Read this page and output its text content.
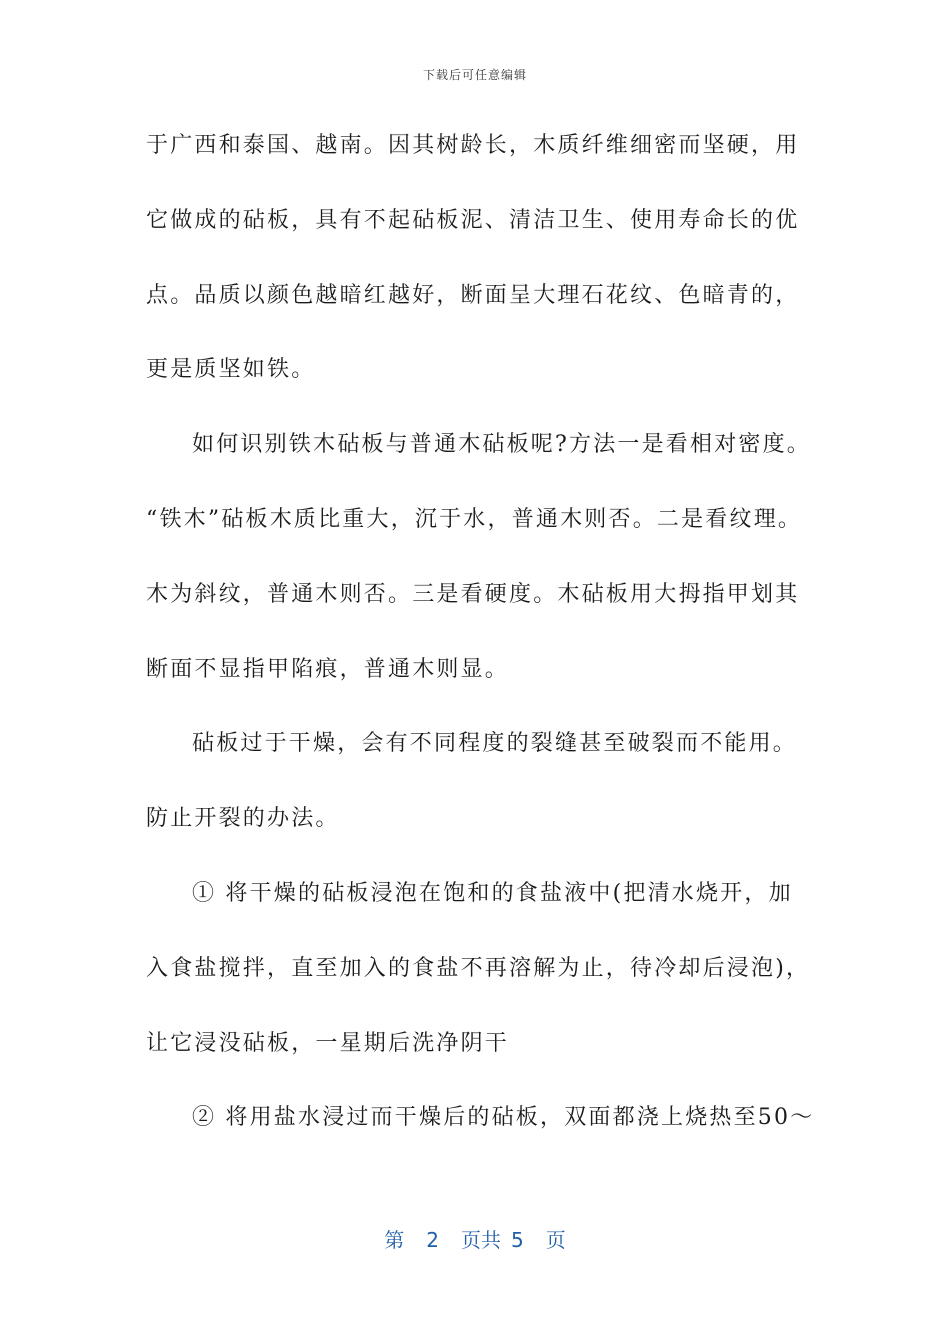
下载后可任意编辑
于广西和泰国、越南。因其树龄长，木质纤维细密而坚硬，用
它做成的砧板，具有不起砧板泥、清洁卫生、使用寿命长的优
点。品质以颜色越暗红越好，断面呈大理石花纹、色暗青的，
更是质坚如铁。
如何识别铁木砧板与普通木砧板呢?方法一是看相对密度。
“铁木”砧板木质比重大，沉于水，普通木则否。二是看纹理。
木为斜纹，普通木则否。三是看硬度。木砧板用大拇指甲划其
断面不显指甲陷痕，普通木则显。
砧板过于干燥，会有不同程度的裂缝甚至破裂而不能用。
防止开裂的办法。
① 将干燥的砧板浸泡在饱和的食盐液中(把清水烧开，加
入食盐搅拌，直至加入的食盐不再溶解为止，待冷却后浸泡)，
让它浸没砧板，一星期后洗净阴干
② 将用盐水浸过而干燥后的砧板，双面都浇上烧热至50～
第 2 页共 5 页
